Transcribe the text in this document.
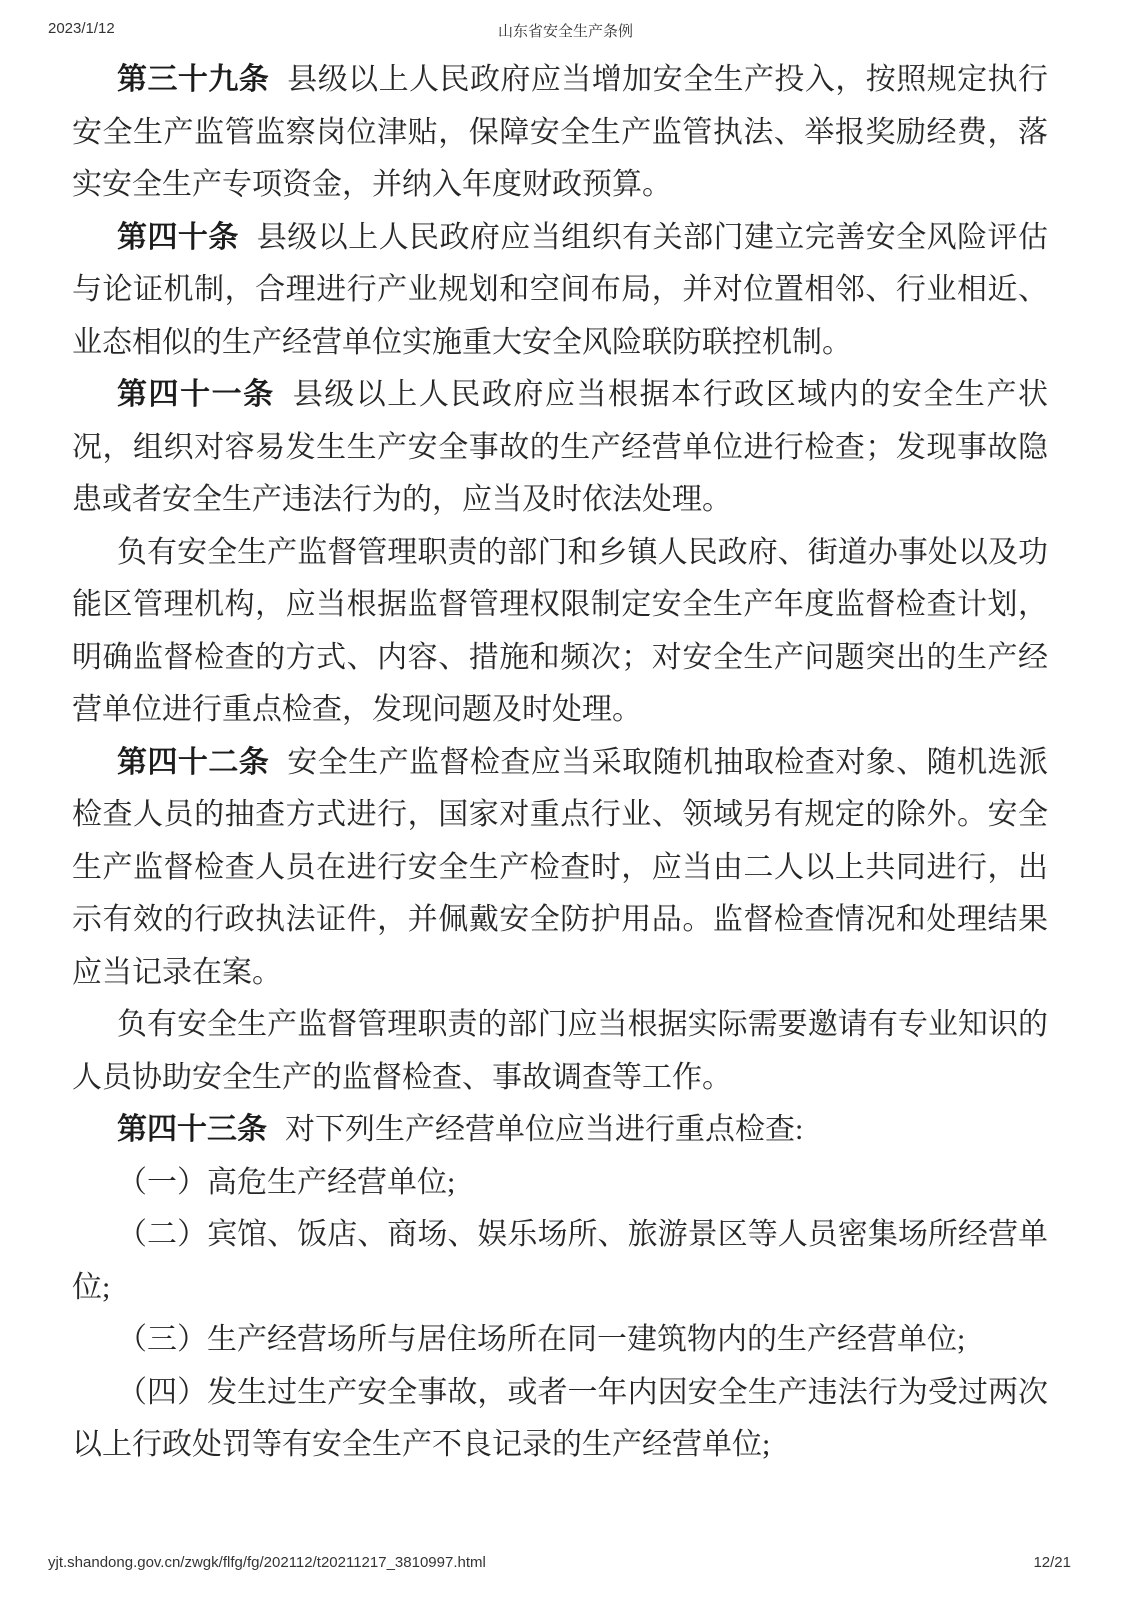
2023/1/12	山东省安全生产条例

第三十九条 县级以上人民政府应当增加安全生产投入，按照规定执行安全生产监管监察岗位津贴，保障安全生产监管执法、举报奖励经费，落实安全生产专项资金，并纳入年度财政预算。

第四十条 县级以上人民政府应当组织有关部门建立完善安全风险评估与论证机制，合理进行产业规划和空间布局，并对位置相邻、行业相近、业态相似的生产经营单位实施重大安全风险联防联控机制。

第四十一条 县级以上人民政府应当根据本行政区域内的安全生产状况，组织对容易发生生产安全事故的生产经营单位进行检查；发现事故隐患或者安全生产违法行为的，应当及时依法处理。

负有安全生产监督管理职责的部门和乡镇人民政府、街道办事处以及功能区管理机构，应当根据监督管理权限制定安全生产年度监督检查计划，明确监督检查的方式、内容、措施和频次；对安全生产问题突出的生产经营单位进行重点检查，发现问题及时处理。

第四十二条 安全生产监督检查应当采取随机抽取检查对象、随机选派检查人员的抽查方式进行，国家对重点行业、领域另有规定的除外。安全生产监督检查人员在进行安全生产检查时，应当由二人以上共同进行，出示有效的行政执法证件，并佩戴安全防护用品。监督检查情况和处理结果应当记录在案。

负有安全生产监督管理职责的部门应当根据实际需要邀请有专业知识的人员协助安全生产的监督检查、事故调查等工作。

第四十三条 对下列生产经营单位应当进行重点检查:

（一）高危生产经营单位;

（二）宾馆、饭店、商场、娱乐场所、旅游景区等人员密集场所经营单位;

（三）生产经营场所与居住场所在同一建筑物内的生产经营单位;

（四）发生过生产安全事故，或者一年内因安全生产违法行为受过两次以上行政处罚等有安全生产不良记录的生产经营单位;

yjt.shandong.gov.cn/zwgk/flfg/fg/202112/t20211217_3810997.html	12/21
